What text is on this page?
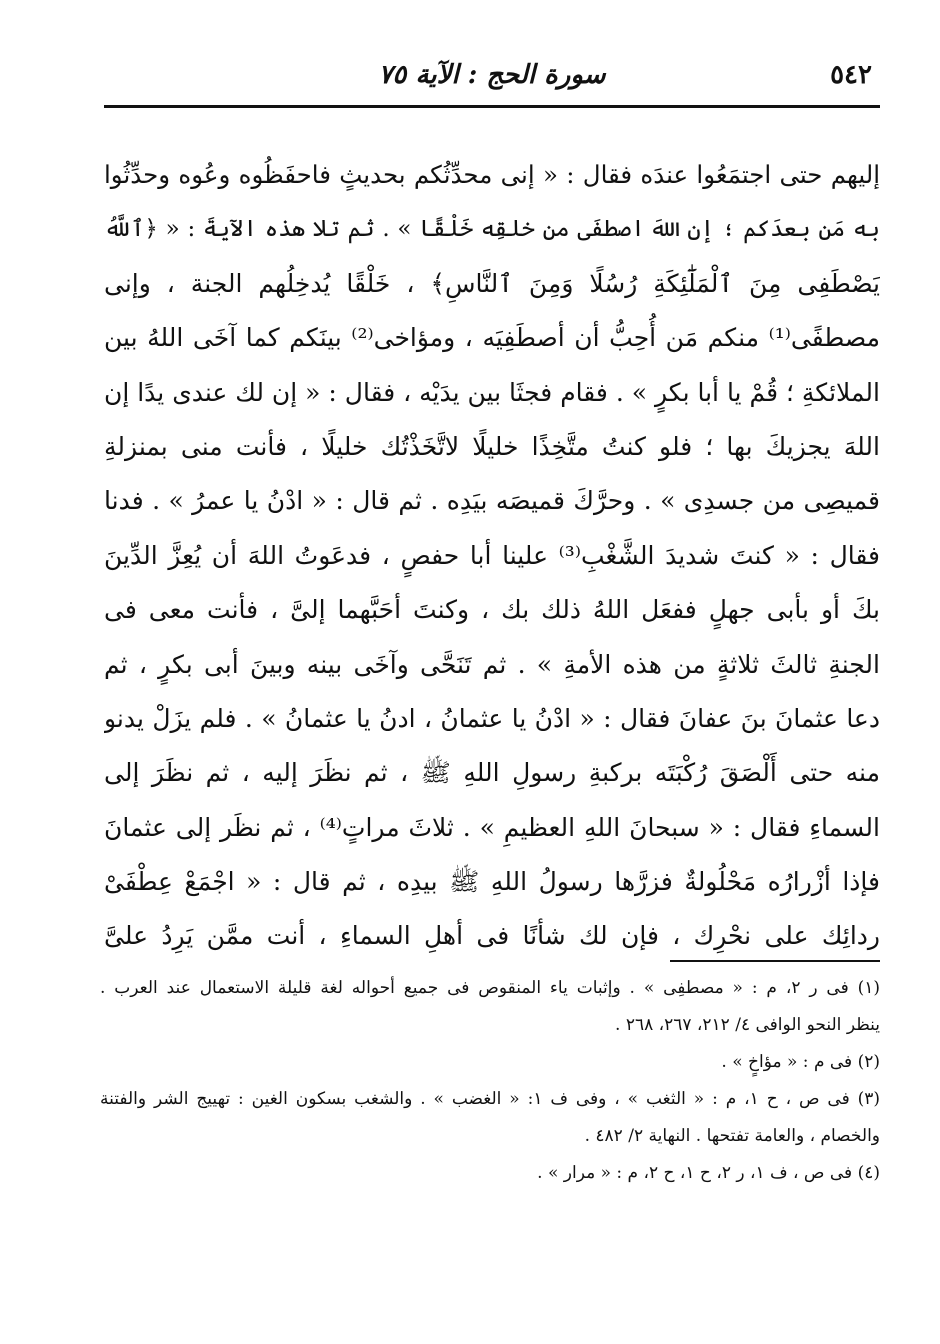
٥٤٢
سورة الحج : الآية ٧٥
إليهم حتى اجتمَعُوا عندَه فقال : « إنى محدِّثُكم بحديثٍ فاحفَظُوه وعُوه وحدِّثُوا
به مَن بعدَكم ؛ إن اللهَ اصطفَى من خلقِه خَلْقًا » . ثم تلا هذه الآيةَ : « ﴿ٱللَّهُ
يَصْطَفِى مِنَ ٱلْمَلَٰٓئِكَةِ رُسُلًا وَمِنَ ٱلنَّاسِ﴾ ، خَلْقًا يُدخِلُهم الجنة ، وإنى
مصطفًى⁽¹⁾ منكم مَن أُحِبُّ أن أصطَفِيَه ، ومؤاخى⁽²⁾ بينَكم كما آخَى اللهُ بين
الملائكةِ ؛ قُمْ يا أبا بكرٍ » . فقام فجثَا بين يدَيْه ، فقال : « إن لك عندى يدًا إن
اللهَ يجزيكَ بها ؛ فلو كنتُ متَّخِذًا خليلًا لاتَّخَذْتُك خليلًا ، فأنت منى بمنزلةِ
قميصِى من جسدِى » . وحرَّكَ قميصَه بيَدِه . ثم قال : « ادْنُ يا عمرُ » . فدنا
فقال : « كنتَ شديدَ الشَّغْبِ⁽³⁾ علينا أبا حفصٍ ، فدعَوتُ اللهَ أن يُعِزَّ الدِّينَ
بكَ أو بأبى جهلٍ ففعَل اللهُ ذلك بك ، وكنتَ أحَبَّهما إلىَّ ، فأنت معى فى
الجنةِ ثالثَ ثلاثةٍ من هذه الأمةِ » . ثم تَنَحَّى وآخَى بينه وبينَ أبى بكرٍ ، ثم
دعا عثمانَ بنَ عفانَ فقال : « ادْنُ يا عثمانُ ، ادنُ يا عثمانُ » . فلم يزَلْ يدنو
منه حتى أَلْصَقَ رُكْبَتَه بركبةِ رسولِ اللهِ ﷺ ، ثم نظَرَ إليه ، ثم نظَرَ إلى
السماءِ فقال : « سبحانَ اللهِ العظيمِ » . ثلاثَ مراتٍ⁽⁴⁾ ، ثم نظَر إلى عثمانَ
فإذا أزْرارُه مَحْلُولةٌ فزرَّها رسولُ اللهِ ﷺ بيدِه ، ثم قال : « اجْمَعْ عِطْفَىْ
ردائِك على نحْرِك ، فإن لك شأنًا فى أهلِ السماءِ ، أنت ممَّن يَرِدُ علىَّ
(١) فى ر ٢، م : « مصطفِى » . وإثبات ياء المنقوص فى جميع أحواله لغة قليلة الاستعمال عند العرب .
ينظر النحو الوافى ٤/ ٢١٢، ٢٦٧، ٢٦٨ .
(٢) فى م : « مؤاخٍ » .
(٣) فى ص ، ح ١، م : « الثغب » ، وفى ف ١: « الغضب » . والشغب بسكون الغين : تهييج الشر والفتنة
والخصام ، والعامة تفتحها . النهاية ٢/ ٤٨٢ .
(٤) فى ص ، ف ١، ر ٢، ح ١، ح ٢، م : « مرار » .
